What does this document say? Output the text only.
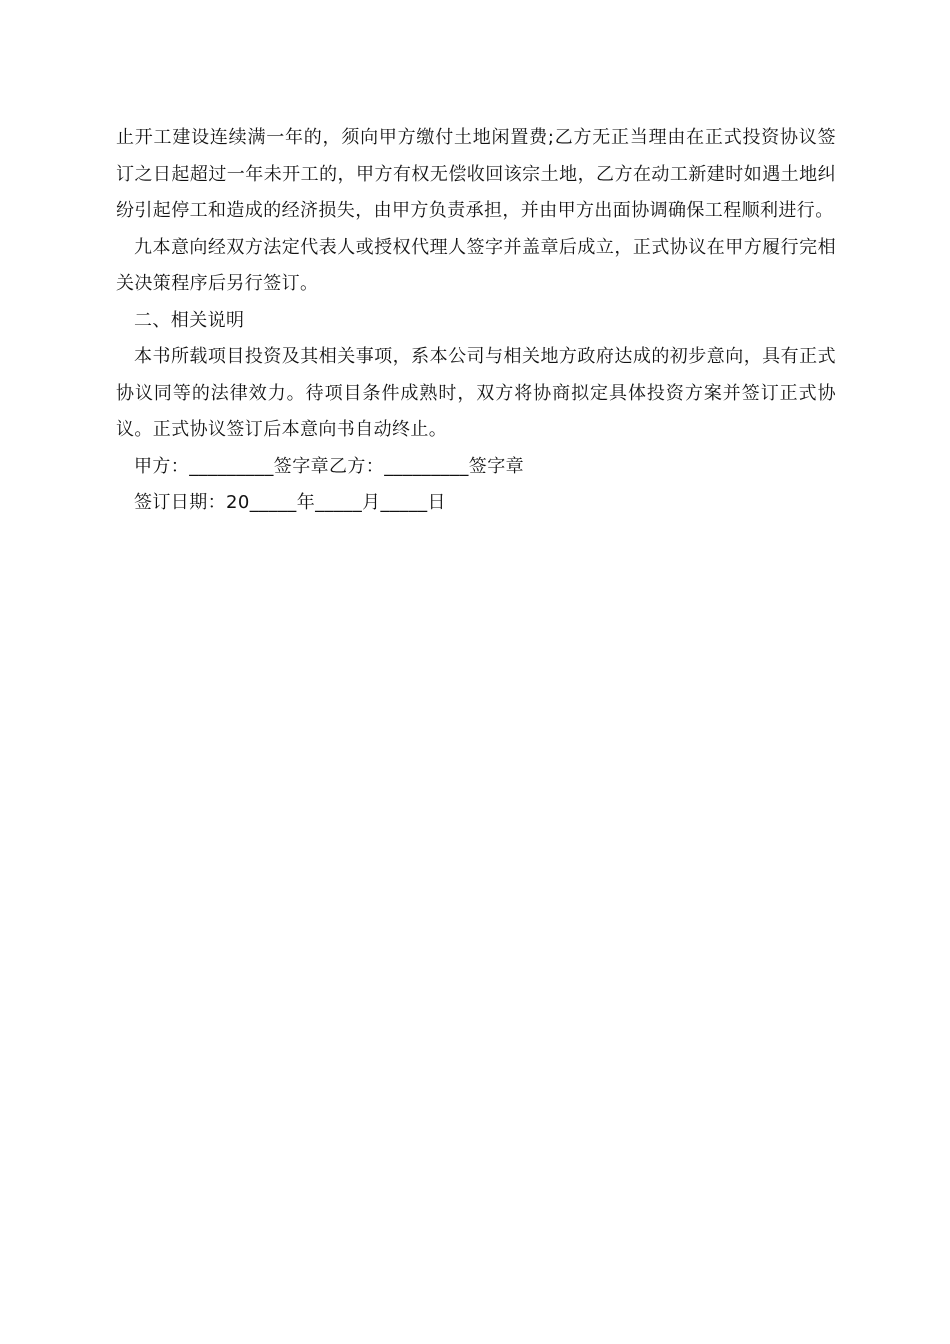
止开工建设连续满一年的，须向甲方缴付土地闲置费;乙方无正当理由在正式投资协议签订之日起超过一年未开工的，甲方有权无偿收回该宗土地，乙方在动工新建时如遇土地纠纷引起停工和造成的经济损失，由甲方负责承担，并由甲方出面协调确保工程顺利进行。

九本意向经双方法定代表人或授权代理人签字并盖章后成立，正式协议在甲方履行完相关决策程序后另行签订。

二、相关说明

本书所载项目投资及其相关事项，系本公司与相关地方政府达成的初步意向，具有正式协议同等的法律效力。待项目条件成熟时，双方将协商拟定具体投资方案并签订正式协议。正式协议签订后本意向书自动终止。

甲方：_________签字章乙方：_________签字章

签订日期：20_____年_____月_____日
